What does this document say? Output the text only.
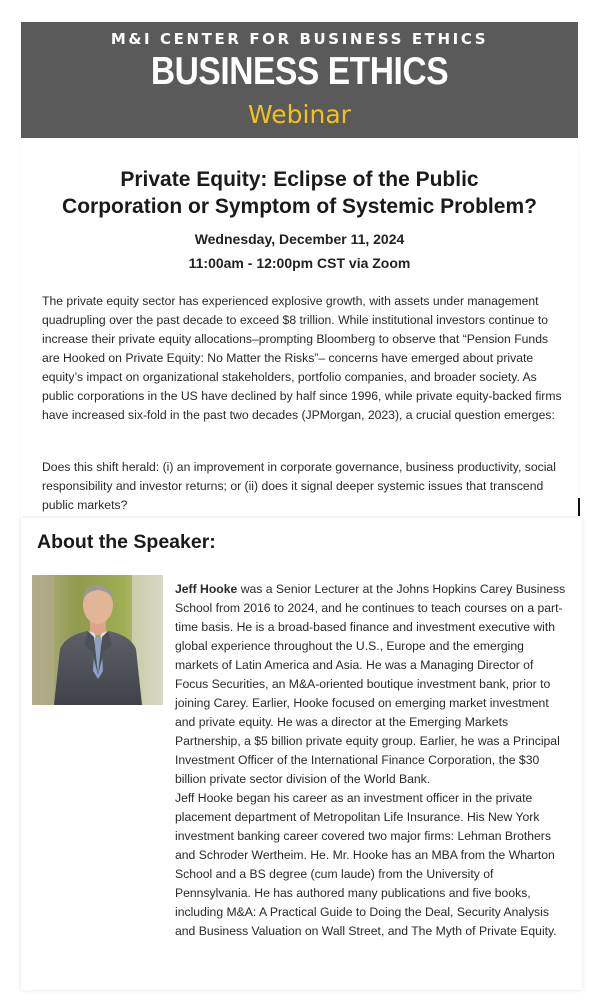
M&I CENTER FOR BUSINESS ETHICS
BUSINESS ETHICS
Webinar
Private Equity: Eclipse of the Public
Corporation or Symptom of Systemic Problem?
Wednesday, December 11, 2024
11:00am - 12:00pm CST via Zoom
The private equity sector has experienced explosive growth, with assets under management quadrupling over the past decade to exceed $8 trillion. While institutional investors continue to increase their private equity allocations–prompting Bloomberg to observe that “Pension Funds are Hooked on Private Equity: No Matter the Risks”– concerns have emerged about private equity’s impact on organizational stakeholders, portfolio companies, and broader society. As public corporations in the US have declined by half since 1996, while private equity-backed firms have increased six-fold in the past two decades (JPMorgan, 2023), a crucial question emerges:
Does this shift herald: (i) an improvement in corporate governance, business productivity, social responsibility and investor returns; or (ii) does it signal deeper systemic issues that transcend public markets?
About the Speaker:

Jeff Hooke was a Senior Lecturer at the Johns Hopkins Carey Business School from 2016 to 2024, and he continues to teach courses on a part-time basis. He is a broad-based finance and investment executive with global experience throughout the U.S., Europe and the emerging markets of Latin America and Asia. He was a Managing Director of Focus Securities, an M&A-oriented boutique investment bank, prior to joining Carey. Earlier, Hooke focused on emerging market investment and private equity. He was a director at the Emerging Markets Partnership, a $5 billion private equity group. Earlier, he was a Principal Investment Officer of the International Finance Corporation, the $30 billion private sector division of the World Bank.

Jeff Hooke began his career as an investment officer in the private placement department of Metropolitan Life Insurance. His New York investment banking career covered two major firms: Lehman Brothers and Schroder Wertheim. He. Mr. Hooke has an MBA from the Wharton School and a BS degree (cum laude) from the University of Pennsylvania. He has authored many publications and five books, including M&A: A Practical Guide to Doing the Deal, Security Analysis and Business Valuation on Wall Street, and The Myth of Private Equity.
